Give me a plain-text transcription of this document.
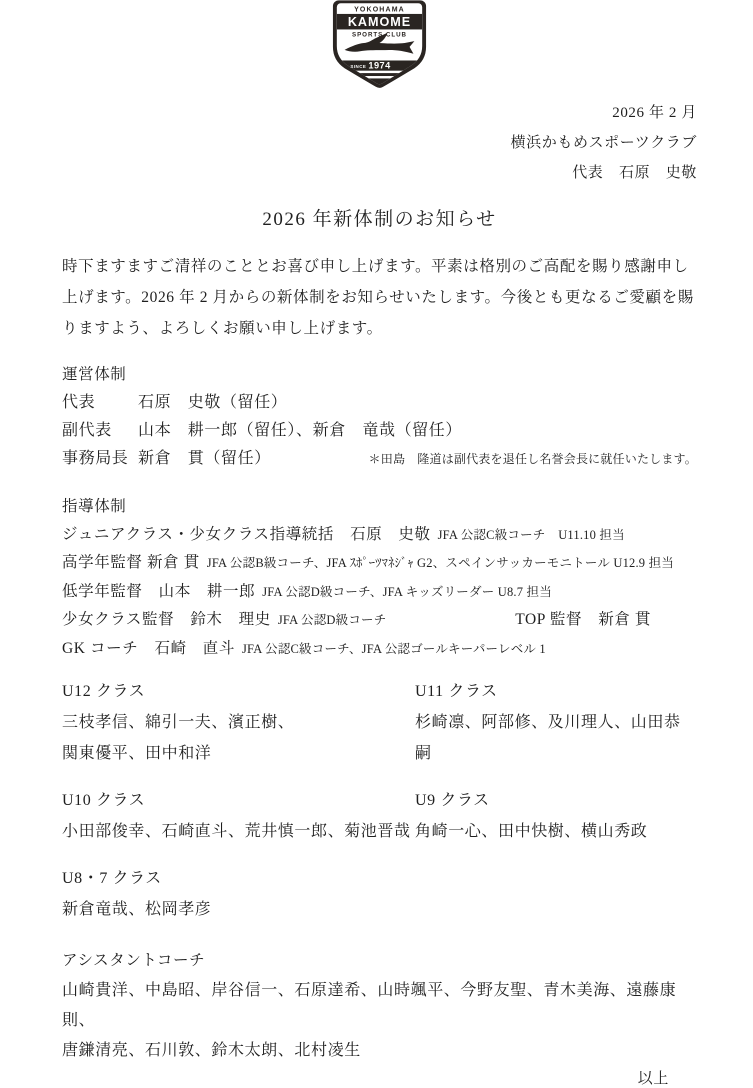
YOKOHAMA
KAMOME
SPORTS CLUB
SINCE 1974
2026 年 2 月
横浜かもめスポーツクラブ
代表　石原　史敬
2026 年新体制のお知らせ

時下ますますご清祥のこととお喜び申し上げます。平素は格別のご高配を賜り感謝申し上げます。2026 年 2 月からの新体制をお知らせいたします。今後とも更なるご愛顧を賜りますよう、よろしくお願い申し上げます。

運営体制
代表	石原　史敬（留任）
副代表	山本　耕一郎（留任）、新倉　竜哉（留任）
事務局長 新倉　貫（留任）	＊田島　隆道は副代表を退任し名誉会長に就任いたします。
指導体制
ジュニアクラス・少女クラス指導統括　石原　史敬 JFA 公認C級コーチ　U11.10 担当
高学年監督 新倉 貫 JFA 公認B級コーチ、JFA ｽﾎﾟｰﾂﾏﾈｼﾞｬ G2、スペインサッカーモニトール U12.9 担当
低学年監督　山本　耕一郎 JFA 公認D級コーチ、JFA キッズリーダー U8.7 担当
少女クラス監督　鈴木　理史 JFA 公認D級コーチ	TOP 監督　新倉 貫
GK コーチ　石崎　直斗 JFA 公認C級コーチ、JFA 公認ゴールキーパーレベル 1
U12 クラス
三枝孝信、綿引一夫、濱正樹、
関東優平、田中和洋
U11 クラス
杉崎凛、阿部修、及川理人、山田恭嗣
U10 クラス
小田部俊幸、石崎直斗、荒井慎一郎、菊池晋哉
U9 クラス
角崎一心、田中快樹、横山秀政
U8・7 クラス
新倉竜哉、松岡孝彦
アシスタントコーチ
山崎貴洋、中島昭、岸谷信一、石原達希、山時颯平、今野友聖、青木美海、遠藤康則、
唐鎌清亮、石川敦、鈴木太朗、北村凌生
以上
